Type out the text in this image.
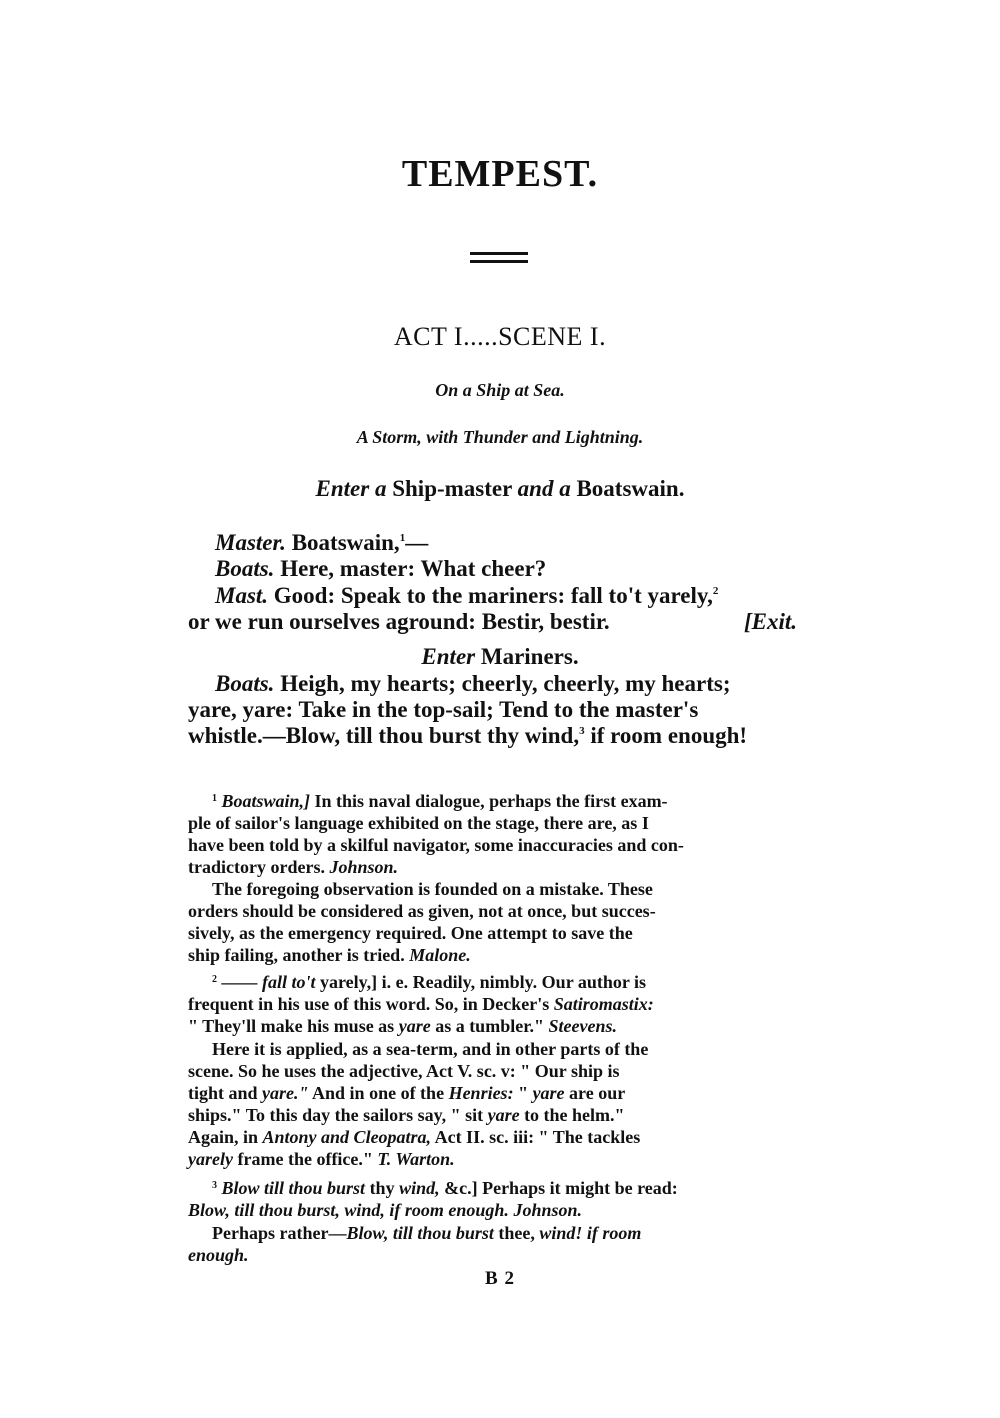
TEMPEST.
ACT I.....SCENE I.
On a Ship at Sea.
A Storm, with Thunder and Lightning.
Enter a Ship-master and a Boatswain.
Master. Boatswain,$^1$—
Boats. Here, master: What cheer?
Mast. Good: Speak to the mariners: fall to't yarely,$^2$
or we run ourselves aground: Bestir, bestir.	[Exit.
Enter Mariners.
Boats. Heigh, my hearts; cheerly, cheerly, my hearts;
yare, yare: Take in the top-sail; Tend to the master's
whistle.—Blow, till thou burst thy wind,$^3$ if room enough!
$^1$ Boatswain,] In this naval dialogue, perhaps the first exam-
ple of sailor's language exhibited on the stage, there are, as I
have been told by a skilful navigator, some inaccuracies and con-
tradictory orders. Johnson.
The foregoing observation is founded on a mistake. These
orders should be considered as given, not at once, but succes-
sively, as the emergency required. One attempt to save the
ship failing, another is tried. Malone.
$^2$ —— fall to't yarely,] i. e. Readily, nimbly. Our author is
frequent in his use of this word. So, in Decker's Satiromastix:
" They'll make his muse as yare as a tumbler." Steevens.
Here it is applied, as a sea-term, and in other parts of the
scene. So he uses the adjective, Act V. sc. v: " Our ship is
tight and yare." And in one of the Henries: " yare are our
ships." To this day the sailors say, " sit yare to the helm."
Again, in Antony and Cleopatra, Act II. sc. iii: " The tackles
yarely frame the office." T. Warton.
$^3$ Blow till thou burst thy wind, &c.] Perhaps it might be read:
Blow, till thou burst, wind, if room enough. Johnson.
Perhaps rather—Blow, till thou burst thee, wind! if room
enough.
B 2
